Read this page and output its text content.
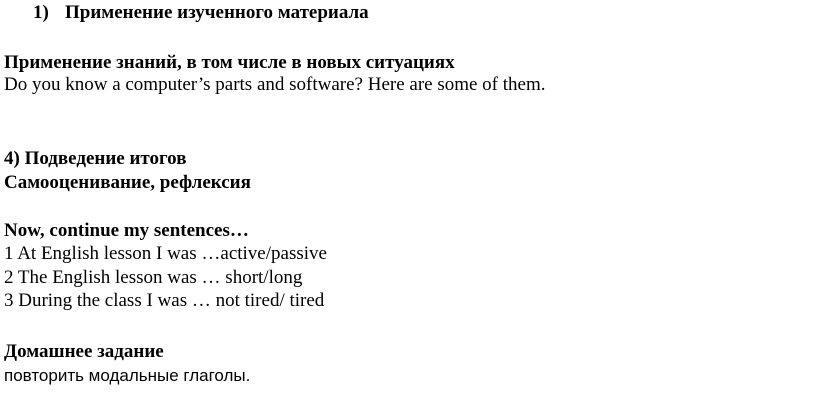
1) Применение изученного материала
Применение знаний, в том числе в новых ситуациях
Do you know a computer’s parts and software? Here are some of them.
4) Подведение итогов
Самооценивание, рефлексия
Now, continue my sentences…
1 At English lesson I was …active/passive
2 The English lesson was … short/long
3 During the class I was … not tired/ tired
Домашнее задание
повторить модальные глаголы.
